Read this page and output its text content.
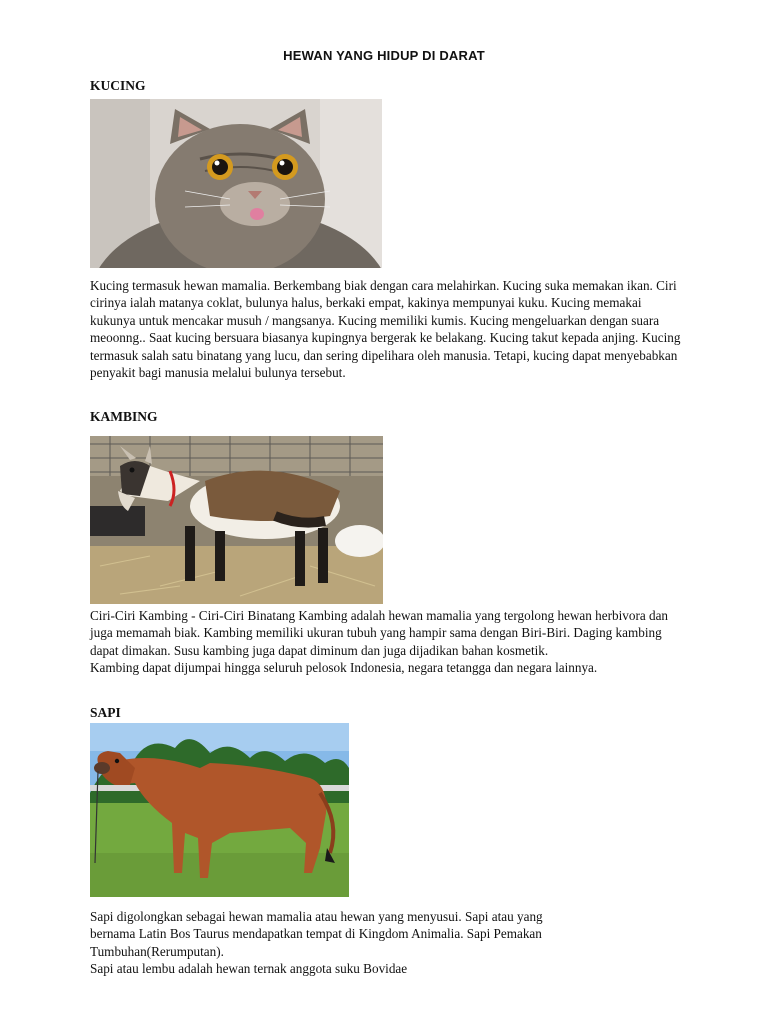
HEWAN YANG HIDUP DI DARAT
KUCING

Kucing termasuk hewan mamalia. Berkembang biak dengan cara melahirkan. Kucing suka memakan ikan. Ciri cirinya ialah matanya coklat, bulunya halus, berkaki empat, kakinya mempunyai kuku. Kucing memakai kukunya untuk mencakar musuh / mangsanya. Kucing memiliki kumis. Kucing mengeluarkan dengan suara meoonng.. Saat kucing bersuara biasanya kupingnya bergerak ke belakang. Kucing takut kepada anjing. Kucing termasuk salah satu binatang yang lucu, dan sering dipelihara oleh manusia. Tetapi, kucing dapat menyebabkan penyakit bagi manusia melalui bulunya tersebut.

KAMBING

Ciri-Ciri Kambing - Ciri-Ciri Binatang Kambing adalah hewan mamalia yang tergolong hewan herbivora dan juga memamah biak. Kambing memiliki ukuran tubuh yang hampir sama dengan Biri-Biri. Daging kambing dapat dimakan. Susu kambing juga dapat diminum dan juga dijadikan bahan kosmetik.

Kambing dapat dijumpai hingga seluruh pelosok Indonesia, negara tetangga dan negara lainnya.

SAPI

Sapi digolongkan sebagai hewan mamalia atau hewan yang menyusui. Sapi atau yang bernama Latin Bos Taurus mendapatkan tempat di Kingdom Animalia. Sapi Pemakan Tumbuhan(Rerumputan).

Sapi atau lembu adalah hewan ternak anggota suku Bovidae
